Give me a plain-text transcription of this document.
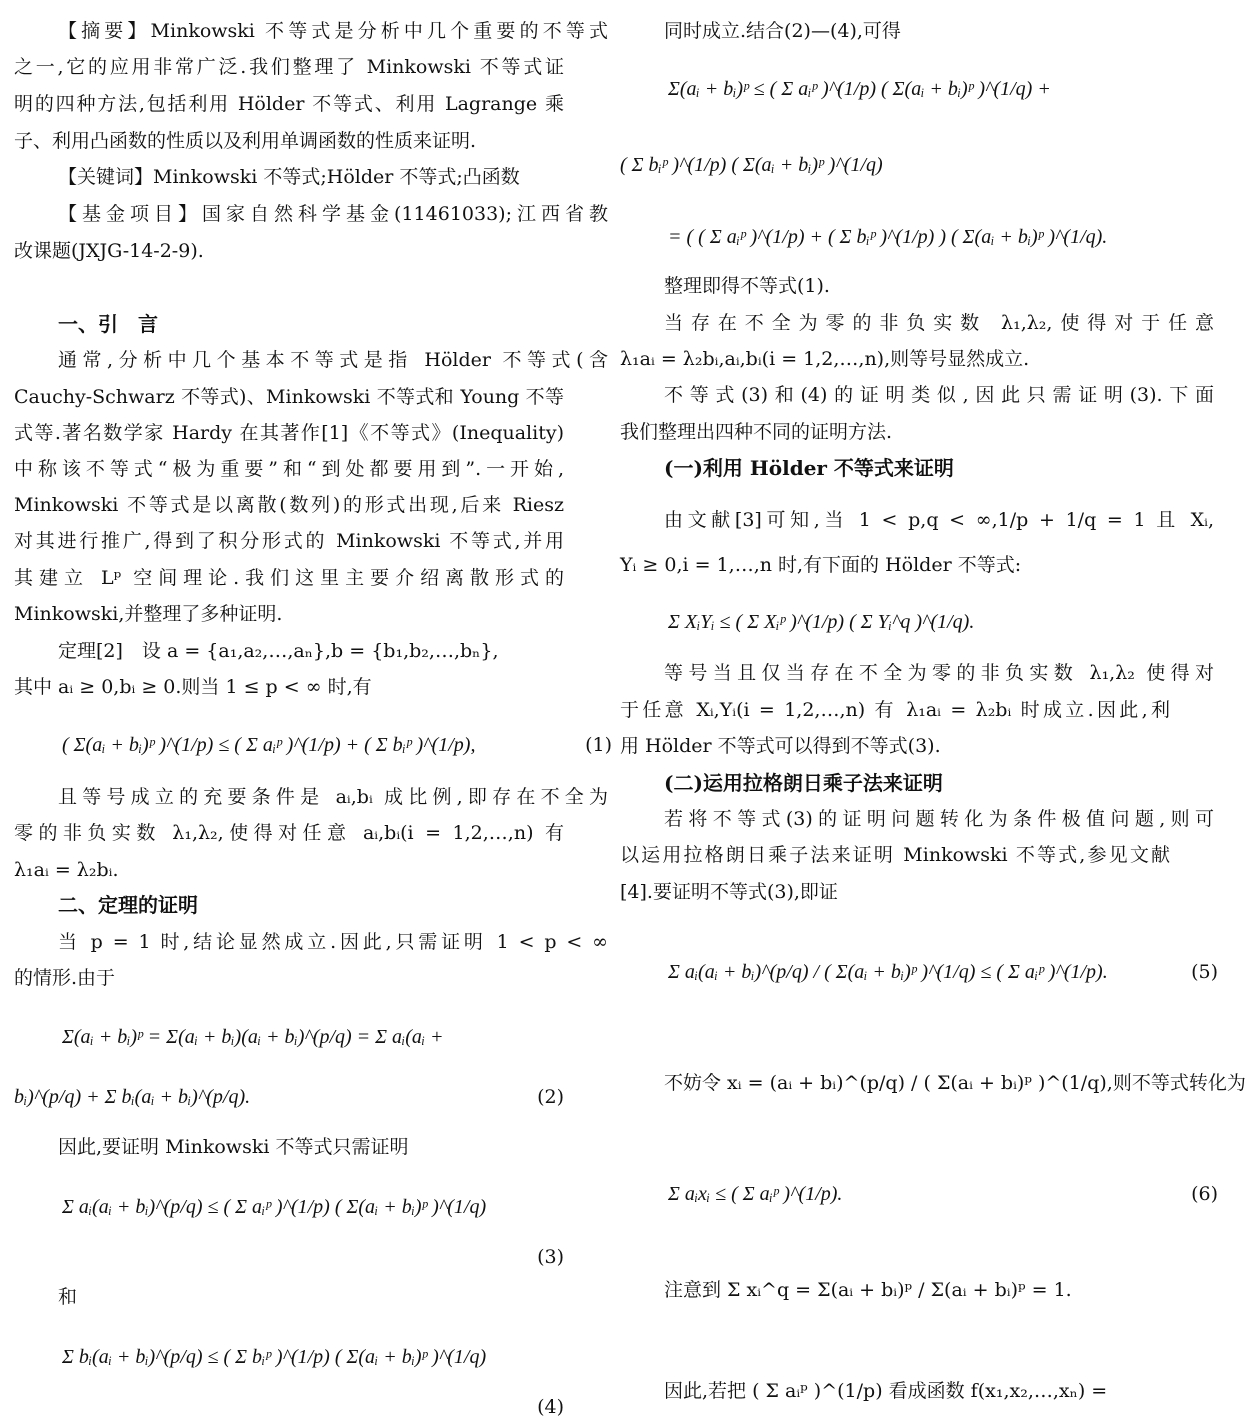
【摘要】Minkowski 不等式是分析中几个重要的不等式
之一,它的应用非常广泛.我们整理了 Minkowski 不等式证
明的四种方法,包括利用 Hölder 不等式、利用 Lagrange 乘
子、利用凸函数的性质以及利用单调函数的性质来证明.
【关键词】Minkowski 不等式;Hölder 不等式;凸函数
【基金项目】国家自然科学基金(11461033);江西省教
改课题(JXJG-14-2-9).
一、引　言
通常,分析中几个基本不等式是指 Hölder 不等式(含
Cauchy-Schwarz 不等式)、Minkowski 不等式和 Young 不等
式等.著名数学家 Hardy 在其著作[1]《不等式》(Inequality)
中称该不等式“极为重要”和“到处都要用到”.一开始,
Minkowski 不等式是以离散(数列)的形式出现,后来 Riesz
对其进行推广,得到了积分形式的 Minkowski 不等式,并用
其建立 Lᵖ 空间理论.我们这里主要介绍离散形式的
Minkowski,并整理了多种证明.
定理[2]　设 a = {a₁,a₂,…,aₙ},b = {b₁,b₂,…,bₙ},
其中 aᵢ ≥ 0,bᵢ ≥ 0.则当 1 ≤ p < ∞ 时,有
( Σ(aᵢ + bᵢ)ᵖ )^(1/p) ≤ ( Σ aᵢᵖ )^(1/p) + ( Σ bᵢᵖ )^(1/p),	(1)
且等号成立的充要条件是 aᵢ,bᵢ 成比例,即存在不全为
零的非负实数 λ₁,λ₂,使得对任意 aᵢ,bᵢ(i = 1,2,…,n) 有
λ₁aᵢ = λ₂bᵢ.
二、定理的证明
当 p = 1 时,结论显然成立.因此,只需证明 1 < p < ∞
的情形.由于
Σ(aᵢ + bᵢ)ᵖ = Σ(aᵢ + bᵢ)(aᵢ + bᵢ)^(p/q) = Σ aᵢ(aᵢ +
bᵢ)^(p/q) + Σ bᵢ(aᵢ + bᵢ)^(p/q).	(2)
因此,要证明 Minkowski 不等式只需证明
Σ aᵢ(aᵢ + bᵢ)^(p/q) ≤ ( Σ aᵢᵖ )^(1/p) ( Σ(aᵢ + bᵢ)ᵖ )^(1/q)
(3)
和
Σ bᵢ(aᵢ + bᵢ)^(p/q) ≤ ( Σ bᵢᵖ )^(1/p) ( Σ(aᵢ + bᵢ)ᵖ )^(1/q)
(4)
同时成立.结合(2)—(4),可得
Σ(aᵢ + bᵢ)ᵖ ≤ ( Σ aᵢᵖ )^(1/p) ( Σ(aᵢ + bᵢ)ᵖ )^(1/q) +
( Σ bᵢᵖ )^(1/p) ( Σ(aᵢ + bᵢ)ᵖ )^(1/q)
= ( ( Σ aᵢᵖ )^(1/p) + ( Σ bᵢᵖ )^(1/p) ) ( Σ(aᵢ + bᵢ)ᵖ )^(1/q).
整理即得不等式(1).
当存在不全为零的非负实数 λ₁,λ₂,使得对于任意
λ₁aᵢ = λ₂bᵢ,aᵢ,bᵢ(i = 1,2,…,n),则等号显然成立.
不等式(3)和(4)的证明类似,因此只需证明(3).下面
我们整理出四种不同的证明方法.
(一)利用 Hölder 不等式来证明
由文献[3]可知,当 1 < p,q < ∞,1/p + 1/q = 1 且 Xᵢ,
Yᵢ ≥ 0,i = 1,…,n 时,有下面的 Hölder 不等式:
Σ XᵢYᵢ ≤ ( Σ Xᵢᵖ )^(1/p) ( Σ Yᵢ^q )^(1/q).
等号当且仅当存在不全为零的非负实数 λ₁,λ₂ 使得对
于任意 Xᵢ,Yᵢ(i = 1,2,…,n) 有 λ₁aᵢ = λ₂bᵢ 时成立.因此,利
用 Hölder 不等式可以得到不等式(3).
(二)运用拉格朗日乘子法来证明
若将不等式(3)的证明问题转化为条件极值问题,则可
以运用拉格朗日乘子法来证明 Minkowski 不等式,参见文献
[4].要证明不等式(3),即证
Σ aᵢ(aᵢ + bᵢ)^(p/q) / ( Σ(aᵢ + bᵢ)ᵖ )^(1/q) ≤ ( Σ aᵢᵖ )^(1/p).	(5)
不妨令 xᵢ = (aᵢ + bᵢ)^(p/q) / ( Σ(aᵢ + bᵢ)ᵖ )^(1/q),则不等式转化为
Σ aᵢxᵢ ≤ ( Σ aᵢᵖ )^(1/p).	(6)
注意到 Σ xᵢ^q = Σ(aᵢ + bᵢ)ᵖ / Σ(aᵢ + bᵢ)ᵖ = 1.
因此,若把 ( Σ aᵢᵖ )^(1/p) 看成函数 f(x₁,x₂,…,xₙ) =
